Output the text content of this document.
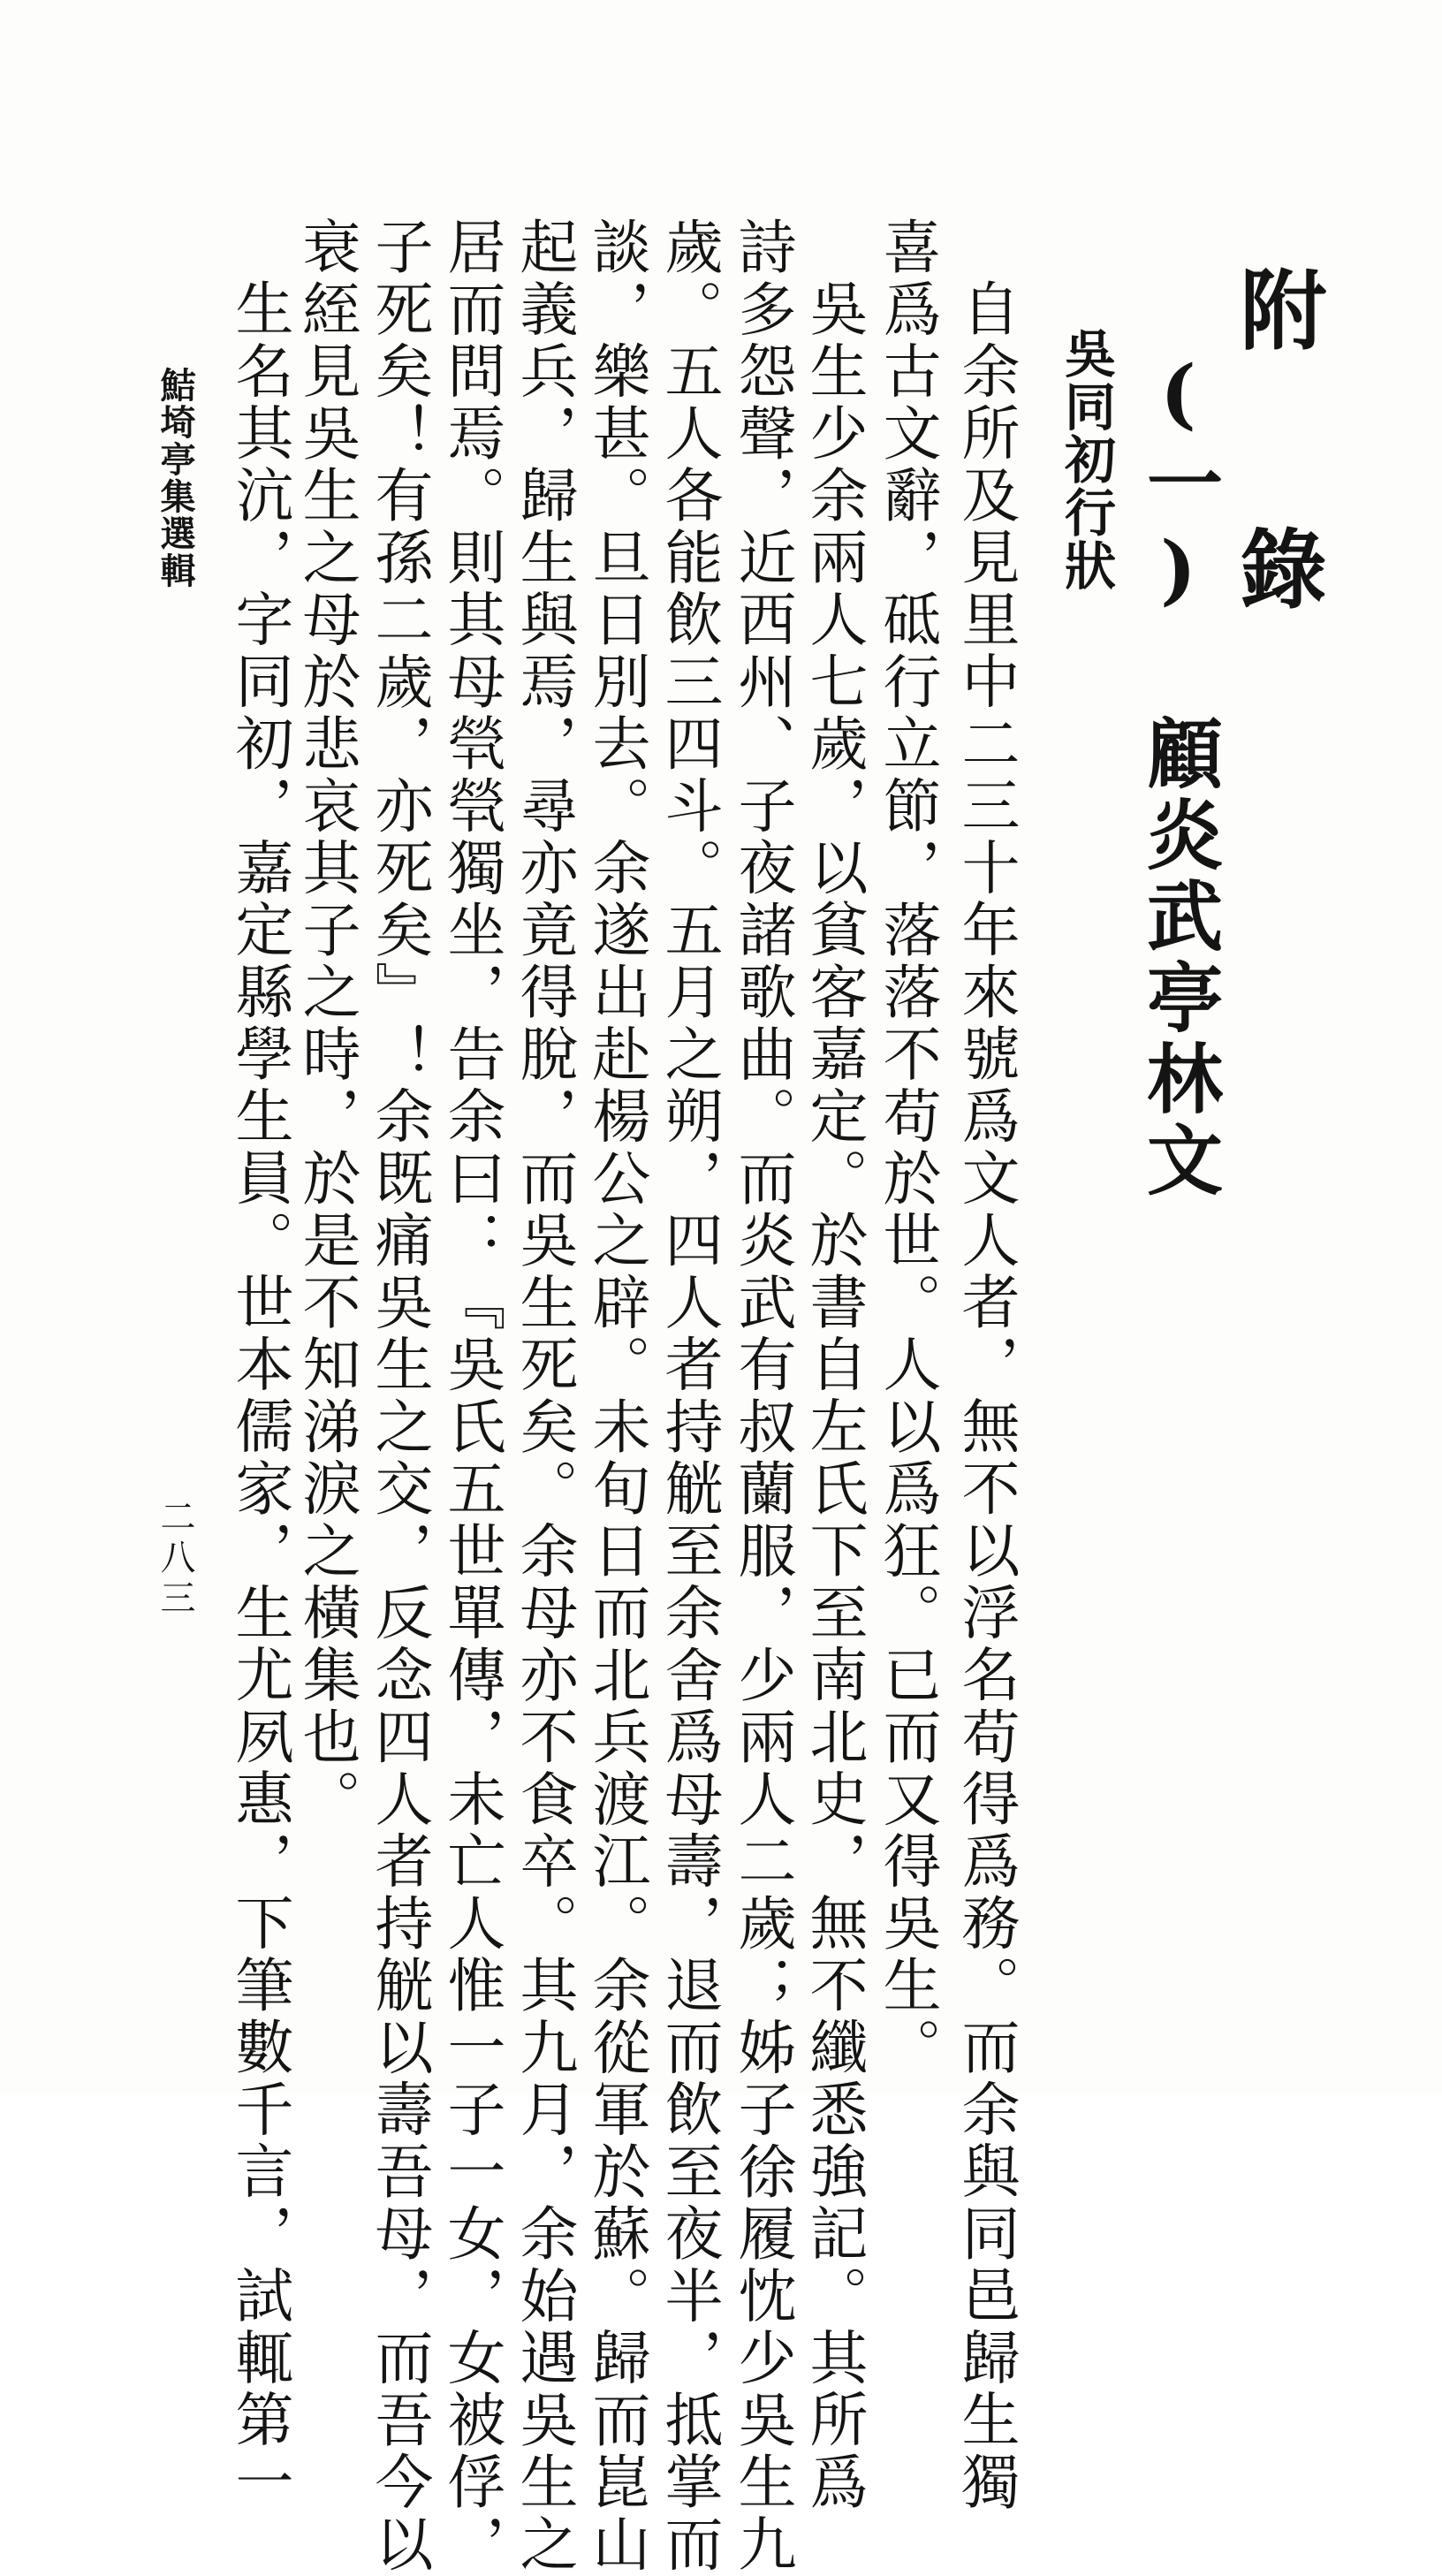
附 錄
(一) 顧炎武亭林文
吳同初行狀
自余所及見里中二三十年來號爲文人者，無不以浮名苟得爲務。而余與同邑歸生獨
喜爲古文辭，砥行立節，落落不苟於世。人以爲狂。已而又得吳生。
吳生少余兩人七歲，以貧客嘉定。於書自左氏下至南北史，無不纖悉強記。其所爲
詩多怨聲，近西州、子夜諸歌曲。而炎武有叔蘭服，少兩人二歲；姊子徐履忱少吳生九
歲。五人各能飲三四斗。五月之朔，四人者持觥至余舍爲母壽，退而飲至夜半，抵掌而
談，樂甚。旦日別去。余遂出赴楊公之辟。未旬日而北兵渡江。余從軍於蘇。歸而崑山
起義兵，歸生與焉，尋亦竟得脫，而吳生死矣。余母亦不食卒。其九月，余始遇吳生之
居而問焉。則其母煢煢獨坐，告余曰：『吳氏五世單傳，未亡人惟一子一女，女被俘，
子死矣！有孫二歲，亦死矣』！余既痛吳生之交，反念四人者持觥以壽吾母，而吾今以
衰絰見吳生之母於悲哀其子之時，於是不知涕淚之橫集也。
生名其沆，字同初，嘉定縣學生員。世本儒家，生尤夙惠，下筆數千言，試輒第一
鮚埼亭集選輯
二八三
